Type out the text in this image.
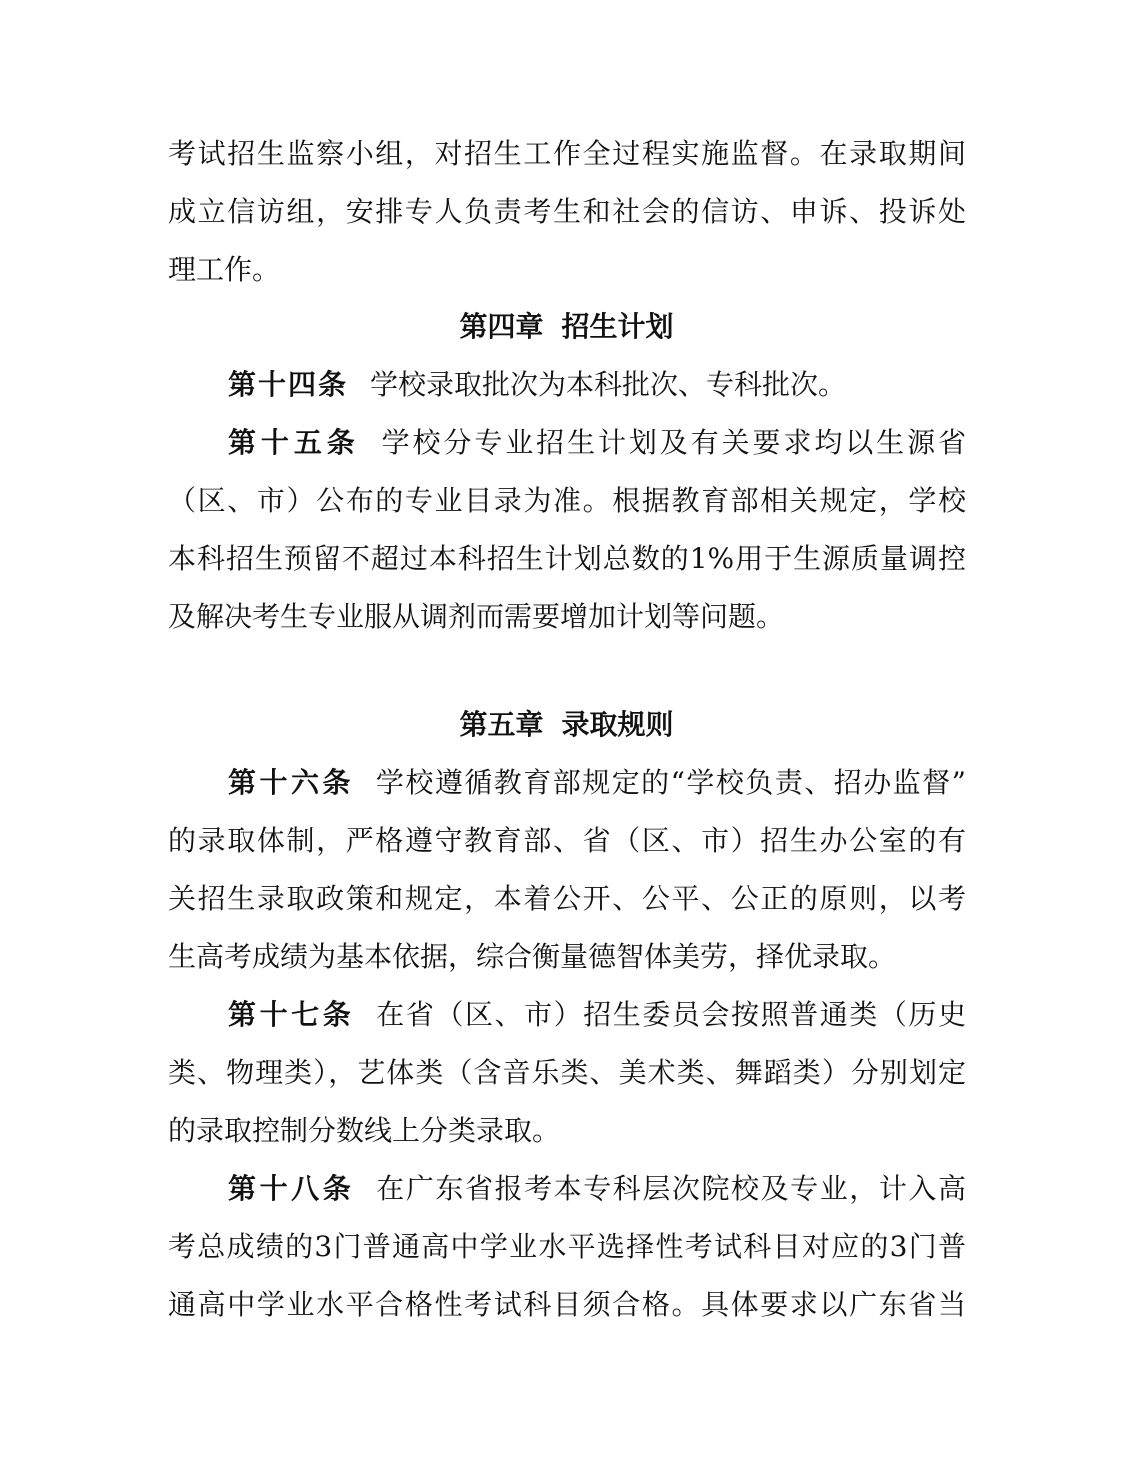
考试招生监察小组，对招生工作全过程实施监督。在录取期间
成立信访组，安排专人负责考生和社会的信访、申诉、投诉处
理工作。
第四章 招生计划
第十四条 学校录取批次为本科批次、专科批次。
第十五条 学校分专业招生计划及有关要求均以生源省
（区、市）公布的专业目录为准。根据教育部相关规定，学校
本科招生预留不超过本科招生计划总数的1%用于生源质量调控
及解决考生专业服从调剂而需要增加计划等问题。
第五章 录取规则
第十六条 学校遵循教育部规定的“学校负责、招办监督”
的录取体制，严格遵守教育部、省（区、市）招生办公室的有
关招生录取政策和规定，本着公开、公平、公正的原则，以考
生高考成绩为基本依据，综合衡量德智体美劳，择优录取。
第十七条 在省（区、市）招生委员会按照普通类（历史
类、物理类），艺体类（含音乐类、美术类、舞蹈类）分别划定
的录取控制分数线上分类录取。
第十八条 在广东省报考本专科层次院校及专业，计入高
考总成绩的3门普通高中学业水平选择性考试科目对应的3门普
通高中学业水平合格性考试科目须合格。具体要求以广东省当
